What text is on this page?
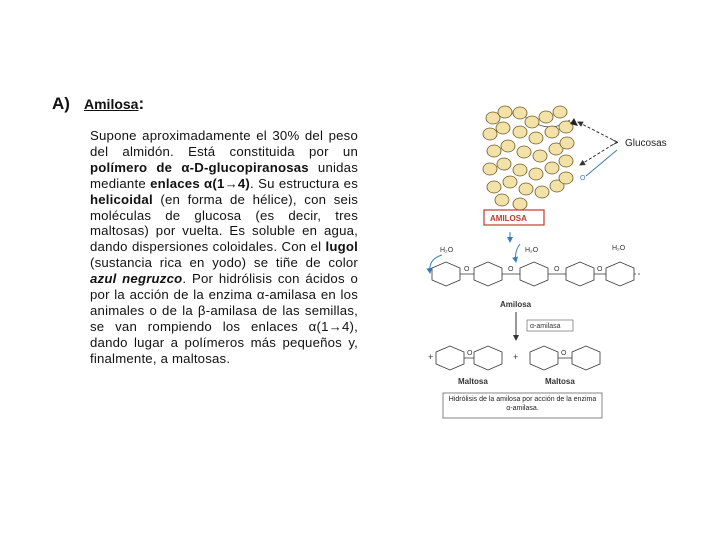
A) Amilosa:
Supone aproximadamente el 30% del peso del almidón. Está constituida por un polímero de α-D-glucopiranosas unidas mediante enlaces α(1→4). Su estructura es helicoidal (en forma de hélice), con seis moléculas de glucosa (es decir, tres maltosas) por vuelta. Es soluble en agua, dando dispersiones coloidales. Con el lugol (sustancia rica en yodo) se tiñe de color azul negruzco. Por hidrólisis con ácidos o por la acción de la enzima α-amilasa en los animales o de la β-amilasa de las semillas, se van rompiendo los enlaces α(1→4), dando lugar a polímeros más pequeños y, finalmente, a maltosas.
> Glucosas
O
AMILOSA
H₂O	H₂O	H₂O
O	O	O	O
Amilosa
α-amilasa
+	+
O	O
Maltosa	Maltosa
Hidrólisis de la amilosa por acción de la enzima α-amilasa.
